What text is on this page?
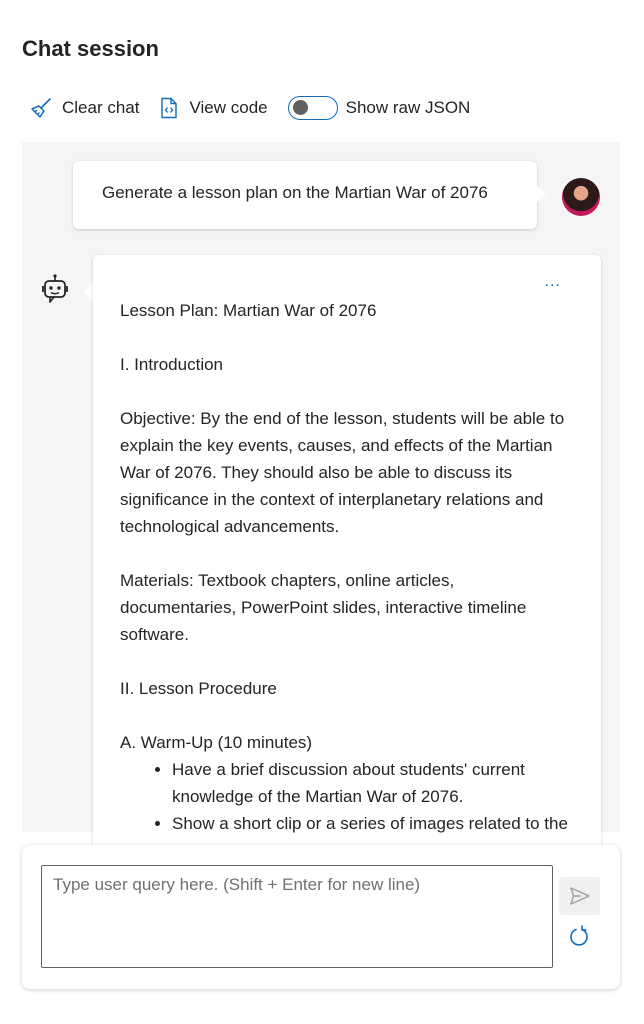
Chat session
Clear chat	View code	Show raw JSON
Generate a lesson plan on the Martian War of 2076
...

Lesson Plan: Martian War of 2076

I. Introduction

Objective: By the end of the lesson, students will be able to explain the key events, causes, and effects of the Martian War of 2076. They should also be able to discuss its significance in the context of interplanetary relations and technological advancements.

Materials: Textbook chapters, online articles, documentaries, PowerPoint slides, interactive timeline software.

II. Lesson Procedure

A. Warm-Up (10 minutes)
• Have a brief discussion about students' current knowledge of the Martian War of 2076.
• Show a short clip or a series of images related to the
Type user query here. (Shift + Enter for new line)
